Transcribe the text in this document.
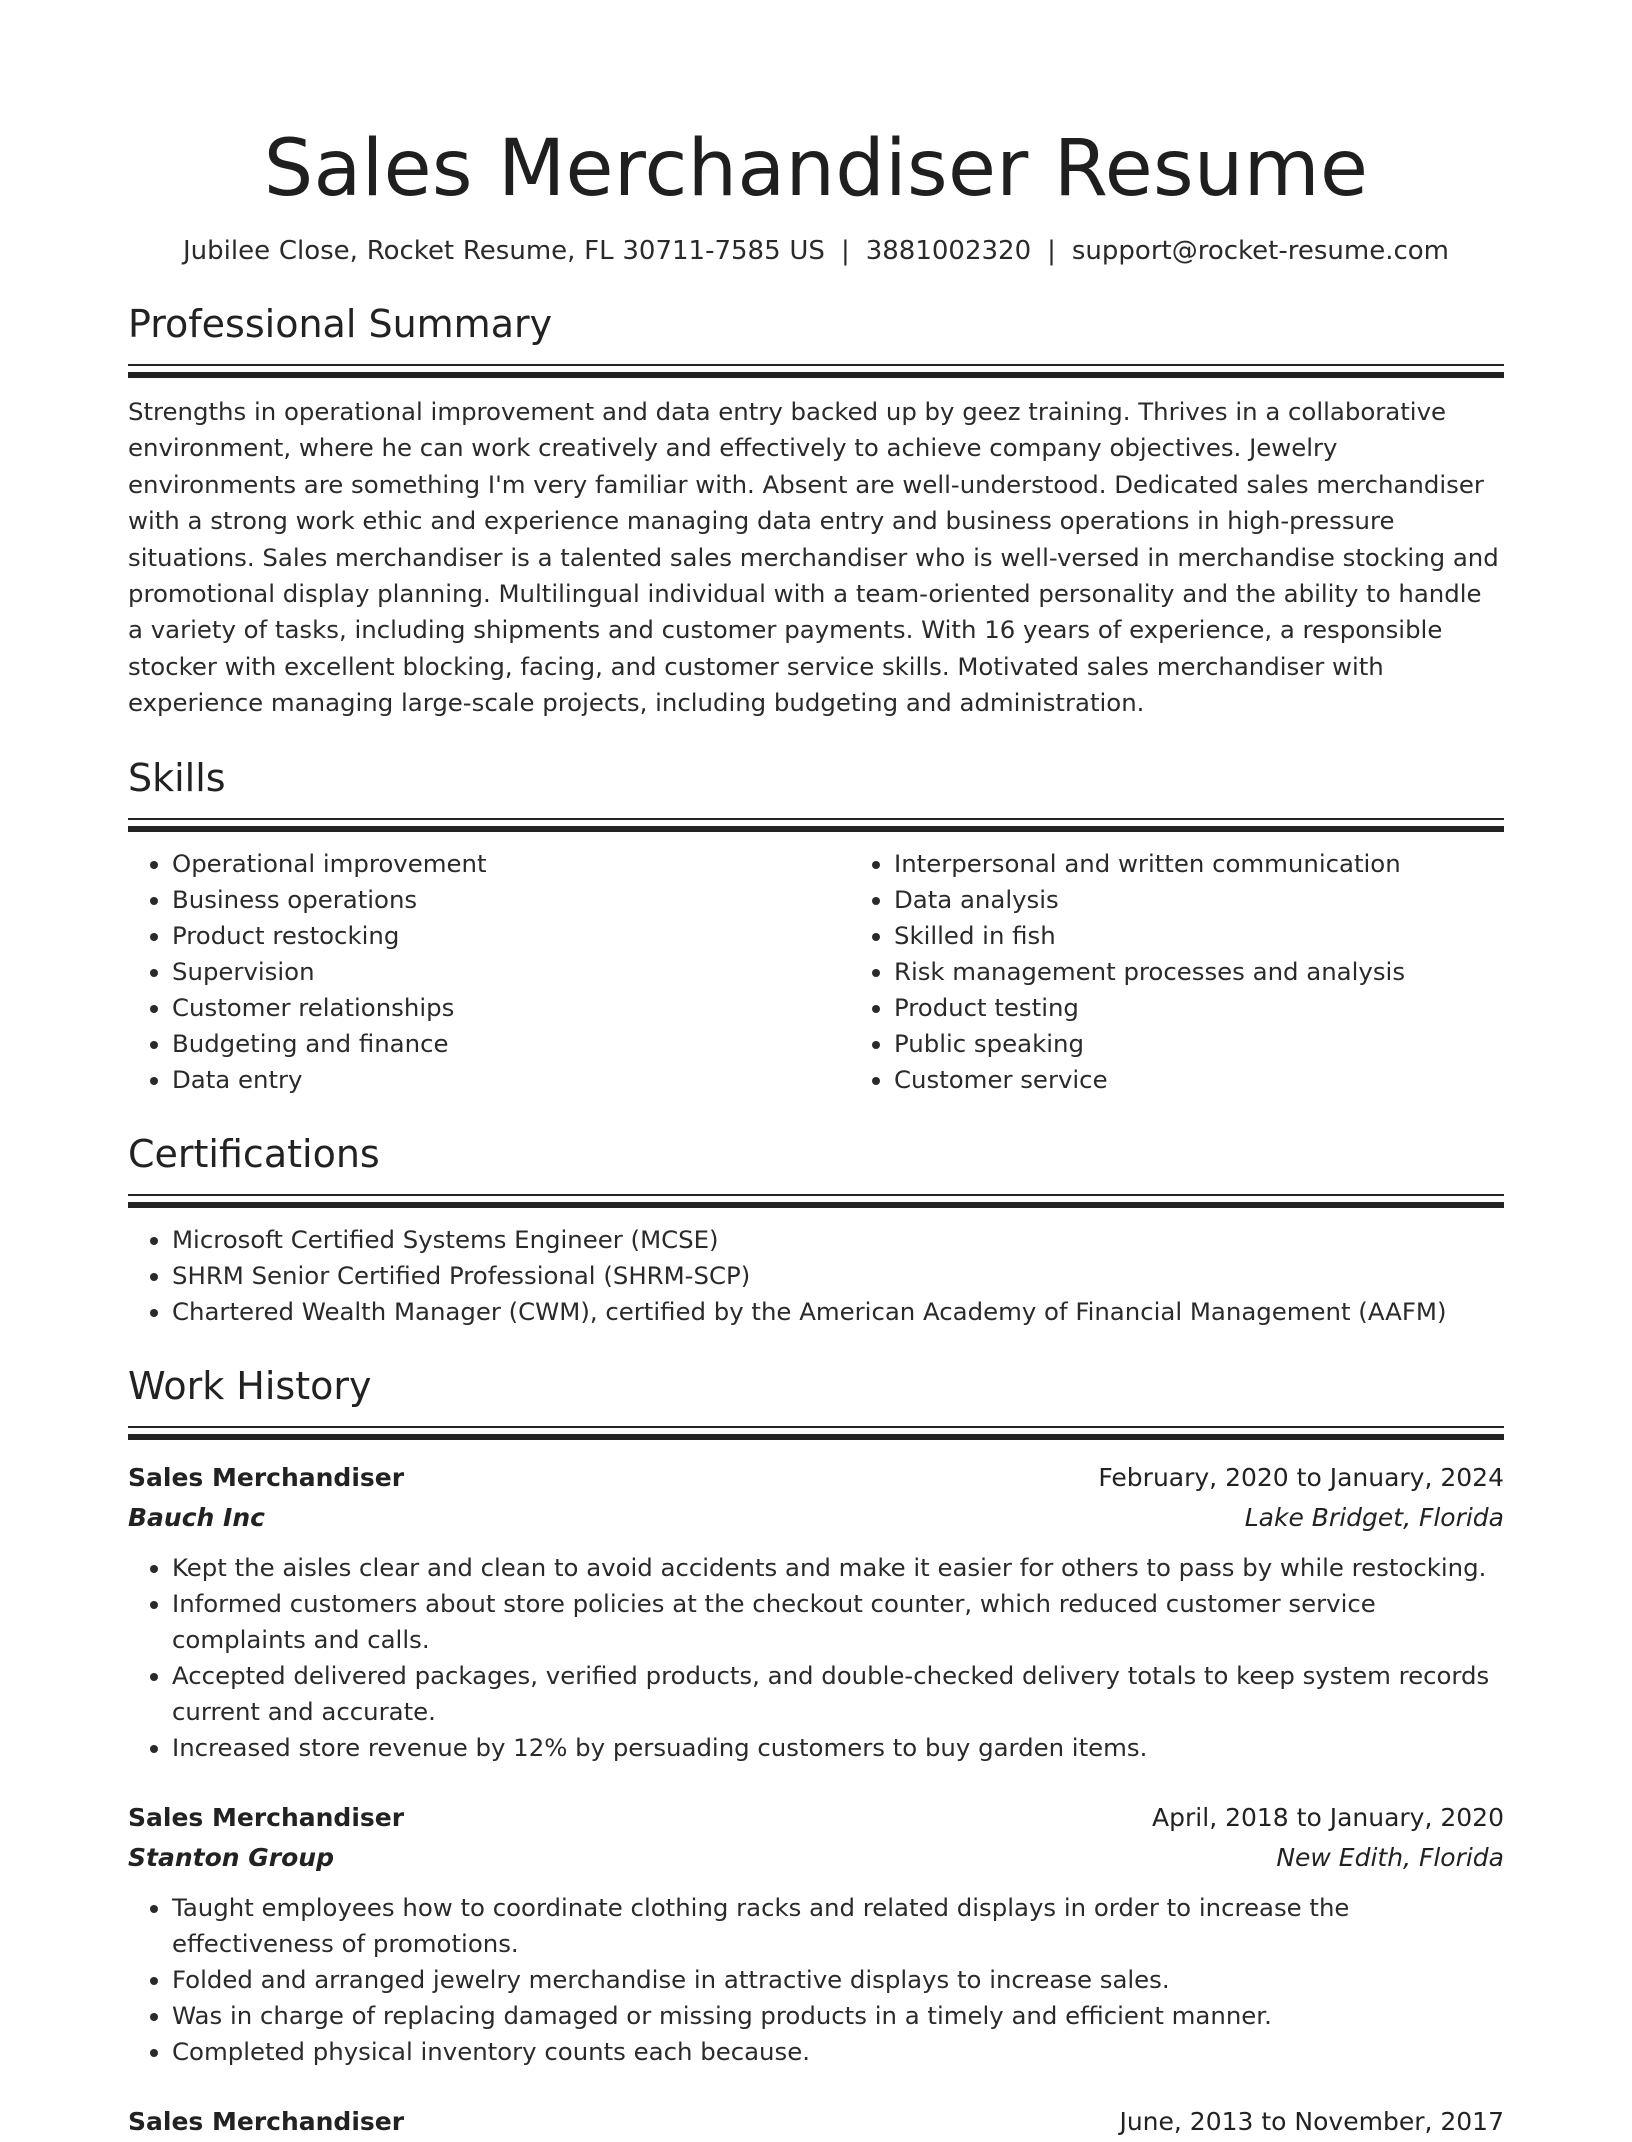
Sales Merchandiser Resume
Jubilee Close, Rocket Resume, FL 30711-7585 US | 3881002320 | support@rocket-resume.com
Professional Summary

Strengths in operational improvement and data entry backed up by geez training. Thrives in a collaborative environment, where he can work creatively and effectively to achieve company objectives. Jewelry environments are something I'm very familiar with. Absent are well-understood. Dedicated sales merchandiser with a strong work ethic and experience managing data entry and business operations in high-pressure situations. Sales merchandiser is a talented sales merchandiser who is well-versed in merchandise stocking and promotional display planning. Multilingual individual with a team-oriented personality and the ability to handle a variety of tasks, including shipments and customer payments. With 16 years of experience, a responsible stocker with excellent blocking, facing, and customer service skills. Motivated sales merchandiser with experience managing large-scale projects, including budgeting and administration.

Skills
• Operational improvement
• Business operations
• Product restocking
• Supervision
• Customer relationships
• Budgeting and finance
• Data entry
• Interpersonal and written communication
• Data analysis
• Skilled in fish
• Risk management processes and analysis
• Product testing
• Public speaking
• Customer service
Certifications
• Microsoft Certified Systems Engineer (MCSE)
• SHRM Senior Certified Professional (SHRM-SCP)
• Chartered Wealth Manager (CWM), certified by the American Academy of Financial Management (AAFM)
Work History
Sales Merchandiser	February, 2020 to January, 2024
Bauch Inc	Lake Bridget, Florida
• Kept the aisles clear and clean to avoid accidents and make it easier for others to pass by while restocking.
• Informed customers about store policies at the checkout counter, which reduced customer service complaints and calls.
• Accepted delivered packages, verified products, and double-checked delivery totals to keep system records current and accurate.
• Increased store revenue by 12% by persuading customers to buy garden items.
Sales Merchandiser	April, 2018 to January, 2020
Stanton Group	New Edith, Florida
• Taught employees how to coordinate clothing racks and related displays in order to increase the effectiveness of promotions.
• Folded and arranged jewelry merchandise in attractive displays to increase sales.
• Was in charge of replacing damaged or missing products in a timely and efficient manner.
• Completed physical inventory counts each because.
Sales Merchandiser	June, 2013 to November, 2017
